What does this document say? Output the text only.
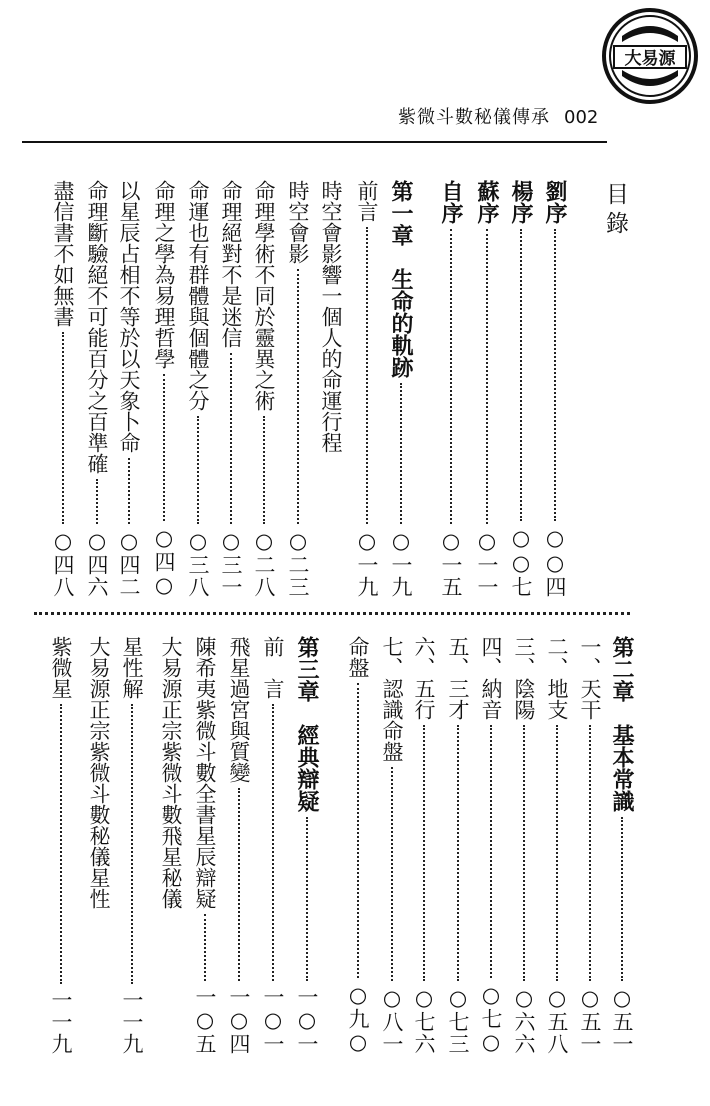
大易源
紫微斗數秘儀傳承 002
目錄
劉序
○○四
楊序
○○七
蘇序
○一一
自序
○一五
第一章　生命的軌跡
○一九
前言
○一九
時空會影響一個人的命運行程
時空會影
○二三
命理學術不同於靈異之術
○二八
命理絕對不是迷信
○三一
命運也有群體與個體之分
○三八
命理之學為易理哲學
○四○
以星辰占相不等於以天象卜命
○四二
命理斷驗絕不可能百分之百準確
○四六
盡信書不如無書
○四八
第二章　基本常識
○五一
一、天干
○五一
二、地支
○五八
三、陰陽
○六六
四、納音
○七○
五、三才
○七三
六、五行
○七六
七、認識命盤
○八一
命盤
○九○
第三章　經典辯疑
一○一
前　言
一○一
飛星過宮與質變
一○四
陳希夷紫微斗數全書星辰辯疑
一○五
大易源正宗紫微斗數飛星秘儀
星性解
一一九
大易源正宗紫微斗數秘儀星性
紫微星
一一九
